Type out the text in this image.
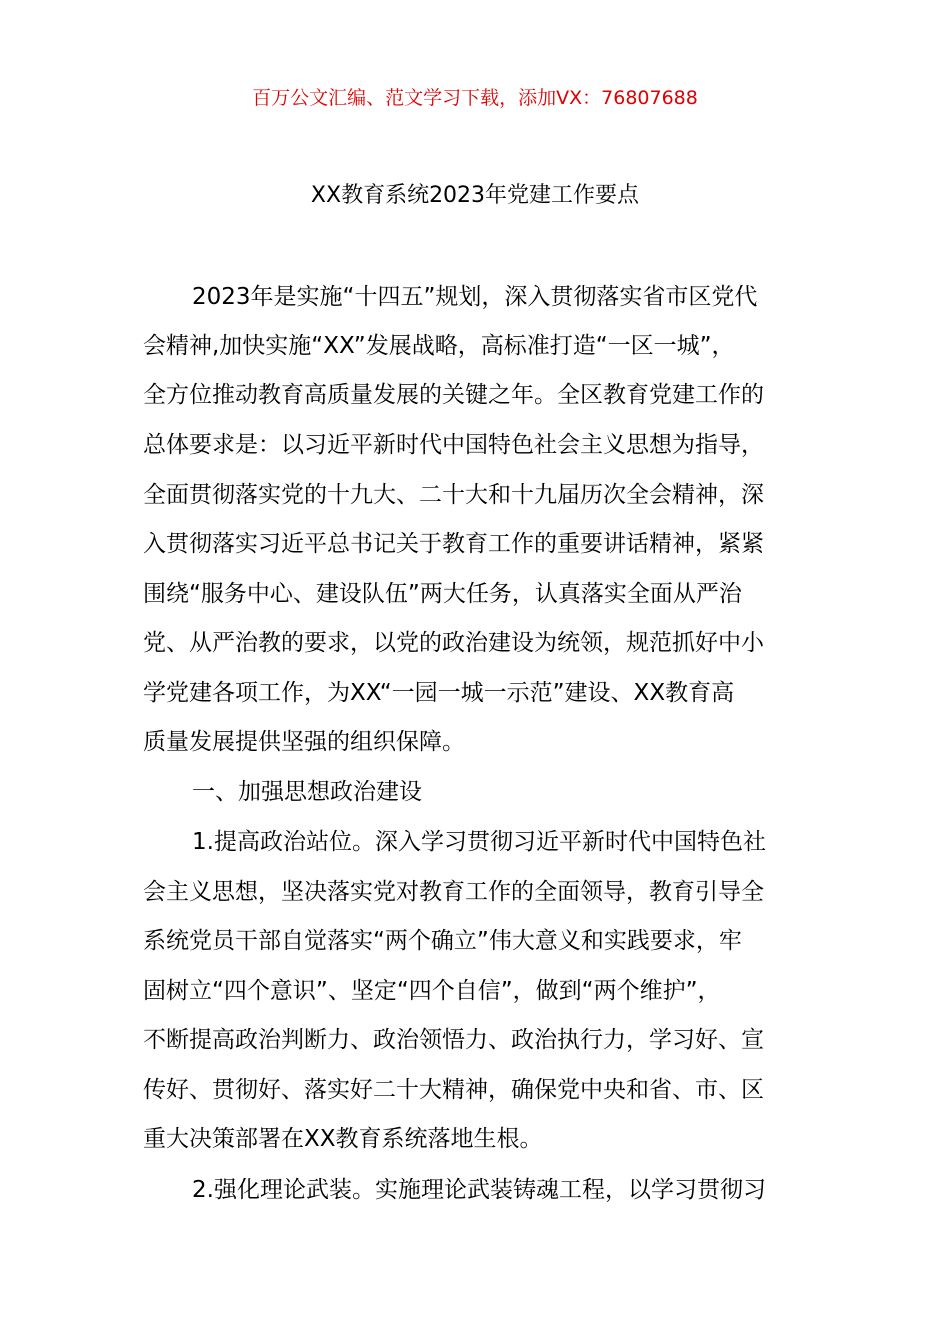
百万公文汇编、范文学习下载，添加VX：76807688
XX教育系统2023年党建工作要点
2023年是实施“十四五”规划，深入贯彻落实省市区党代
会精神,加快实施“XX”发展战略，高标准打造“一区一城”，
全方位推动教育高质量发展的关键之年。全区教育党建工作的
总体要求是：以习近平新时代中国特色社会主义思想为指导，
全面贯彻落实党的十九大、二十大和十九届历次全会精神，深
入贯彻落实习近平总书记关于教育工作的重要讲话精神，紧紧
围绕“服务中心、建设队伍”两大任务，认真落实全面从严治
党、从严治教的要求，以党的政治建设为统领，规范抓好中小
学党建各项工作，为XX“一园一城一示范”建设、XX教育高
质量发展提供坚强的组织保障。
一、加强思想政治建设
1.提高政治站位。深入学习贯彻习近平新时代中国特色社
会主义思想，坚决落实党对教育工作的全面领导，教育引导全
系统党员干部自觉落实“两个确立”伟大意义和实践要求，牢
固树立“四个意识”、坚定“四个自信”，做到“两个维护”，
不断提高政治判断力、政治领悟力、政治执行力，学习好、宣
传好、贯彻好、落实好二十大精神，确保党中央和省、市、区
重大决策部署在XX教育系统落地生根。
2.强化理论武装。实施理论武装铸魂工程，以学习贯彻习
